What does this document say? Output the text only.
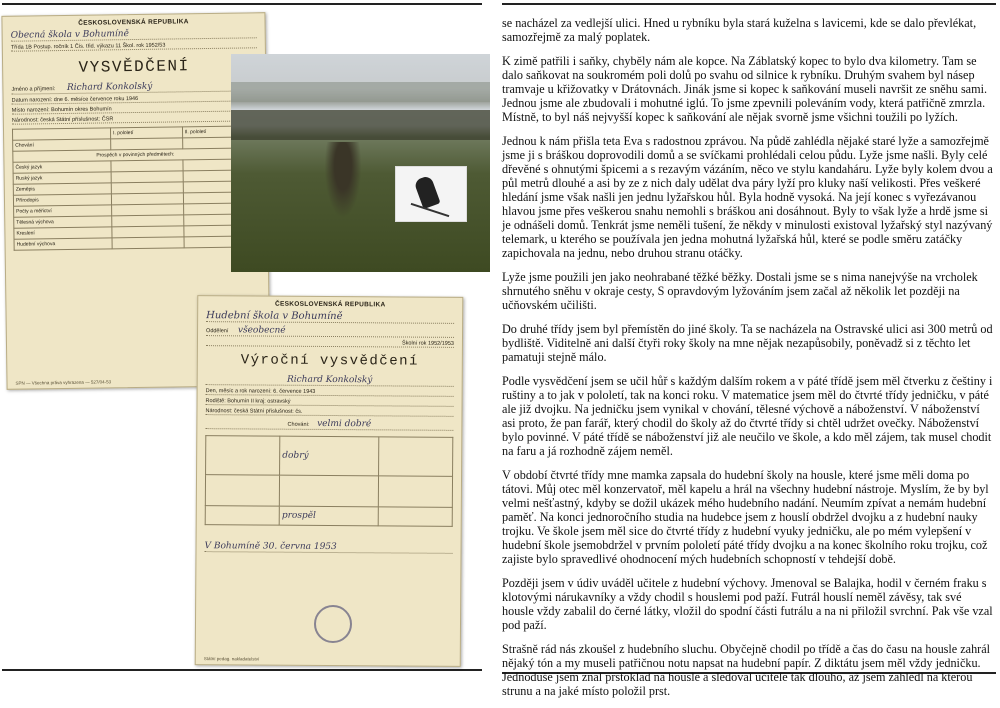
ČESKOSLOVENSKÁ REPUBLIKA
Obecná škola v Bohumíně
Třída 1B Postup. ročník 1 Čís. třid. výkazu 11 Škol. rok 1952/53
VYSVĚDČENÍ
Jméno a příjmení: Richard Konkolský
Datum narození: dne 6. měsíce července roku 1946
Místo narození: Bohumín okres Bohumín
Národnost: česká Státní příslušnost: ČSR
	I. pololetí	II. pololetí
Chování		
Prospěch v povinných předmětech:		
Český jazyk		
Ruský jazyk		
Zeměpis		
Přírodopis		
Počty a měřictví		
Tělesná výchova		
Kreslení		
Hudební výchova		
SPN — Všechna práva vyhrazena — 527/04-53
ČESKOSLOVENSKÁ REPUBLIKA
Hudební škola v Bohumíně
Oddělení všeobecné
Školní rok 1952/1953
Výroční vysvědčení
Richard Konkolský
Den, měsíc a rok narození: 6. července 1943
Rodiště: Bohumín II kraj: ostravský
Národnost: česká Státní příslušnost: čs.
Chování: velmi dobré
	dobrý	

	prospěl	
V Bohumíně 30. června 1953
Státní pedag. nakladatelství

se nacházel za vedlejší ulici. Hned u rybníku byla stará kuželna s lavicemi, kde se dalo převlékat, samozřejmě za malý poplatek.

K zimě patřili i saňky, chyběly nám ale kopce. Na Záblatský kopec to bylo dva kilometry. Tam se dalo saňkovat na soukromém poli dolů po svahu od silnice k rybníku. Druhým svahem byl násep tramvaje u křižovatky v Drátovnách. Jinák jsme si kopec k saňkování museli navršit ze sněhu sami. Jednou jsme ale zbudovali i mohutné iglú. To jsme zpevnili poleváním vody, která patřičně zmrzla. Místně, to byl náš nejvyšší kopec k saňkování ale nějak svorně jsme všichni toužili po lyžích.

Jednou k nám přišla teta Eva s radostnou zprávou. Na půdě zahlédla nějaké staré lyže a samozřejmě jsme ji s bráškou doprovodili domů a se svíčkami prohlédali celou půdu. Lyže jsme našli. Byly celé dřevěné s ohnutými špicemi a s rezavým vázáním, něco ve stylu kandaháru. Lyže byly kolem dvou a půl metrů dlouhé a asi by ze z nich daly udělat dva páry lyží pro kluky naší velikosti. Přes veškeré hledání jsme však našli jen jednu lyžařskou hůl. Byla hodně vysoká. Na její konec s vyřezávanou hlavou jsme přes veškerou snahu nemohli s bráškou ani dosáhnout. Byly to však lyže a hrdě jsme si je odnášeli domů. Tenkrát jsme neměli tušení, že někdy v minulosti existoval lyžařský styl nazývaný telemark, u kterého se používala jen jedna mohutná lyžařská hůl, které se podle směru zatáčky zapichovala na jednu, nebo druhou stranu otáčky.

Lyže jsme použili jen jako neohrabané těžké běžky. Dostali jsme se s nima nanejvýše na vrcholek shrnutého sněhu v okraje cesty, S opravdovým lyžováním jsem začal až několik let později na učňovském učilišti.

Do druhé třídy jsem byl přemístěn do jiné školy. Ta se nacházela na Ostravské ulici asi 300 metrů od bydliště. Viditelně ani další čtyři roky školy na mne nějak nezapůsobily, poněvadž si z těchto let pamatuji stejně málo.

Podle vysvědčení jsem se učil hůř s každým dalším rokem a v páté třídě jsem měl čtverku z češtiny i ruštiny a to jak v pololetí, tak na konci roku. V matematice jsem měl do čtvrté třídy jedničku, v páté ale již dvojku. Na jedničku jsem vynikal v chování, tělesné výchově a náboženství. V náboženství asi proto, že pan farář, který chodil do školy až do čtvrté třídy si chtěl udržet ovečky. Náboženství bylo povinné. V páté třídě se náboženství již ale neučilo ve škole, a kdo měl zájem, tak musel chodit na faru a já rozhodně zájem neměl.

V období čtvrté třídy mne mamka zapsala do hudební školy na housle, které jsme měli doma po tátovi. Můj otec měl konzervatoř, měl kapelu a hrál na všechny hudební nástroje. Myslím, že by byl velmi nešťastný, kdyby se dožil ukázek mého hudebního nadání. Neumím zpívat a nemám hudební paměť. Na konci jednoročního studia na hudebce jsem z houslí obdržel dvojku a z hudební nauky trojku. Ve škole jsem měl sice do čtvrté třídy z hudební vyuky jedničku, ale po mém vylepšení v hudební škole jsemobdržel v prvním pololetí páté třídy dvojku a na konec školního roku trojku, což zajiste bylo spravedlivé ohodnocení mých hudebních schopností v tehdejší době.

Později jsem v údiv uváděl učitele z hudební výchovy. Jmenoval se Balajka, hodil v černém fraku s klotovými nárukavníky a vždy chodil s houslemi pod paží. Futrál houslí neměl závěsy, tak své housle vždy zabalil do černé látky, vložil do spodní části futrálu a na ni přiložil svrchní. Pak vše vzal pod paží.

Strašně rád nás zkoušel z hudebního sluchu. Obyčejně chodil po třídě a čas do času na housle zahrál nějaký tón a my museli patřičnou notu napsat na hudební papír. Z diktátu jsem měl vždy jedničku. Jednoduše jsem znal prstoklad na housle a sledoval učitele tak dlouho, až jsem zahlédl na kterou strunu a na jaké místo položil prst.
